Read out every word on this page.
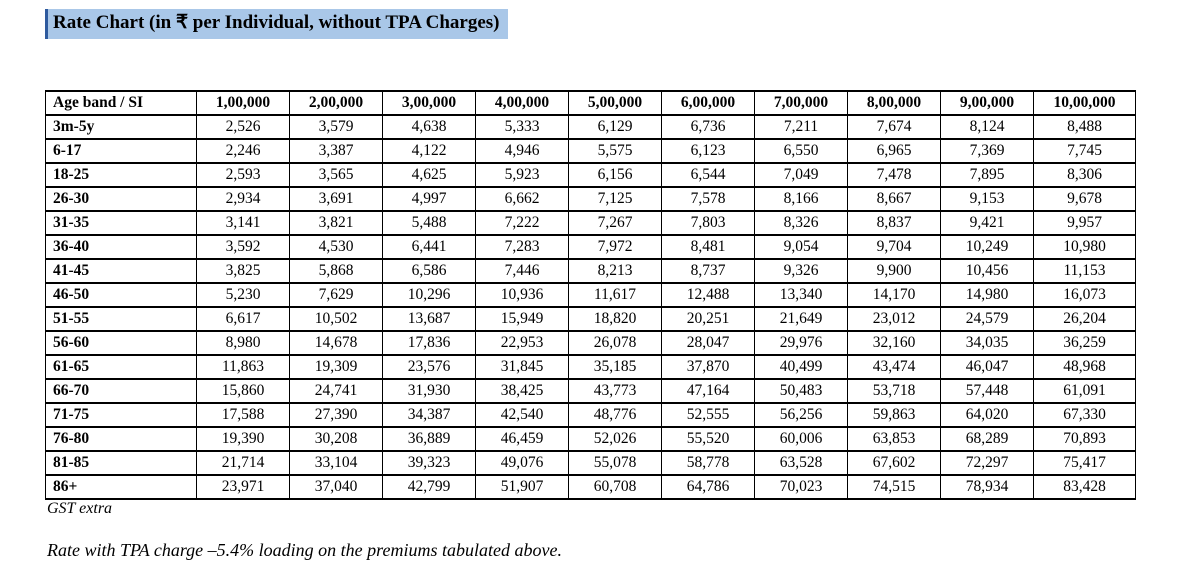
Rate Chart (in ₹ per Individual, without TPA Charges)
Age band / SI	1,00,000	2,00,000	3,00,000	4,00,000	5,00,000	6,00,000	7,00,000	8,00,000	9,00,000	10,00,000
3m-5y	2,526	3,579	4,638	5,333	6,129	6,736	7,211	7,674	8,124	8,488
6-17	2,246	3,387	4,122	4,946	5,575	6,123	6,550	6,965	7,369	7,745
18-25	2,593	3,565	4,625	5,923	6,156	6,544	7,049	7,478	7,895	8,306
26-30	2,934	3,691	4,997	6,662	7,125	7,578	8,166	8,667	9,153	9,678
31-35	3,141	3,821	5,488	7,222	7,267	7,803	8,326	8,837	9,421	9,957
36-40	3,592	4,530	6,441	7,283	7,972	8,481	9,054	9,704	10,249	10,980
41-45	3,825	5,868	6,586	7,446	8,213	8,737	9,326	9,900	10,456	11,153
46-50	5,230	7,629	10,296	10,936	11,617	12,488	13,340	14,170	14,980	16,073
51-55	6,617	10,502	13,687	15,949	18,820	20,251	21,649	23,012	24,579	26,204
56-60	8,980	14,678	17,836	22,953	26,078	28,047	29,976	32,160	34,035	36,259
61-65	11,863	19,309	23,576	31,845	35,185	37,870	40,499	43,474	46,047	48,968
66-70	15,860	24,741	31,930	38,425	43,773	47,164	50,483	53,718	57,448	61,091
71-75	17,588	27,390	34,387	42,540	48,776	52,555	56,256	59,863	64,020	67,330
76-80	19,390	30,208	36,889	46,459	52,026	55,520	60,006	63,853	68,289	70,893
81-85	21,714	33,104	39,323	49,076	55,078	58,778	63,528	67,602	72,297	75,417
86+	23,971	37,040	42,799	51,907	60,708	64,786	70,023	74,515	78,934	83,428
GST extra
Rate with TPA charge –5.4% loading on the premiums tabulated above.
